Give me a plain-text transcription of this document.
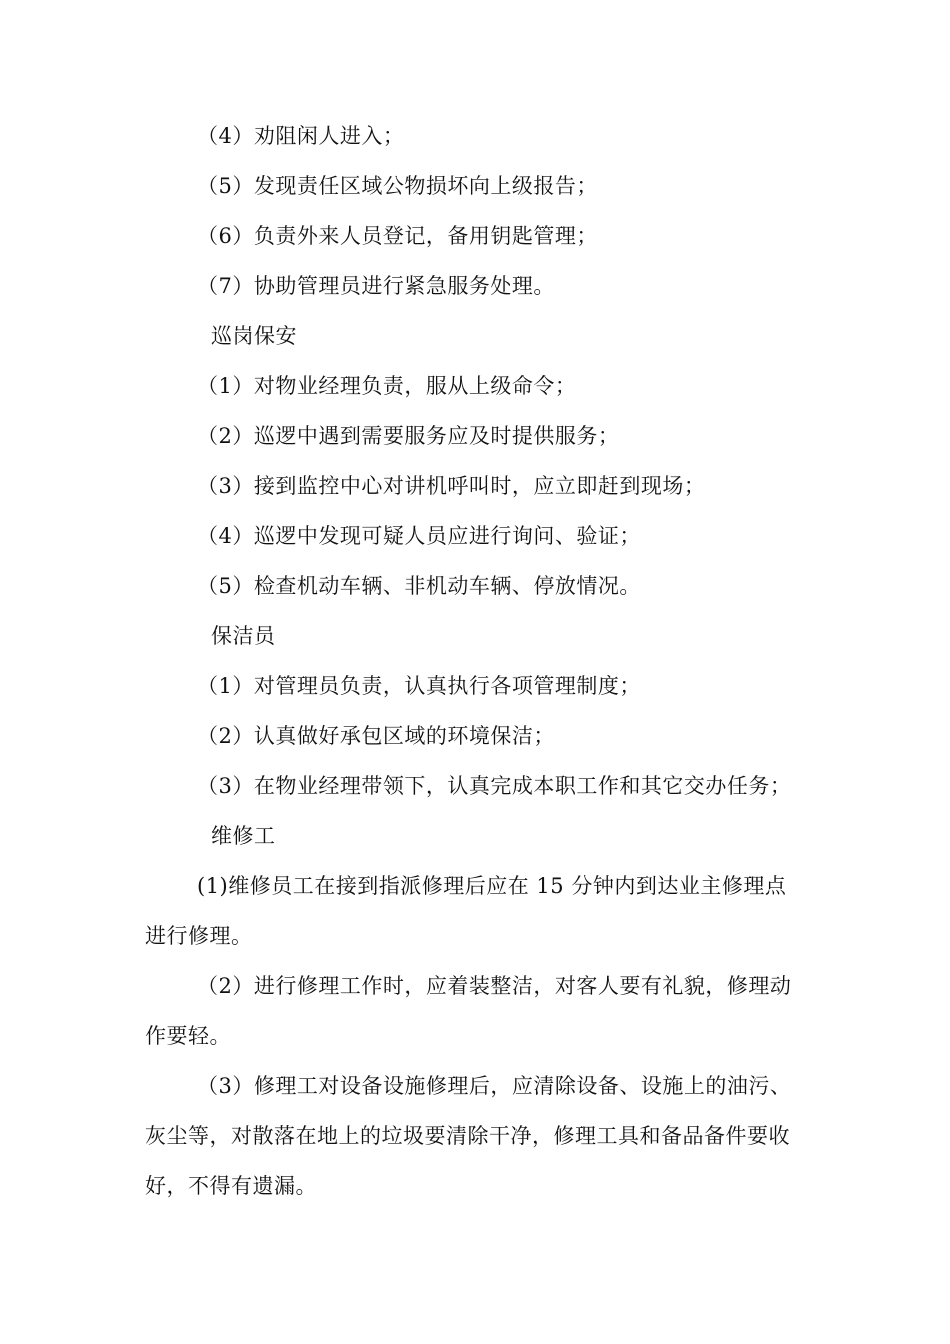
（4）劝阻闲人进入；
（5）发现责任区域公物损坏向上级报告；
（6）负责外来人员登记，备用钥匙管理；
（7）协助管理员进行紧急服务处理。
巡岗保安
（1）对物业经理负责，服从上级命令；
（2）巡逻中遇到需要服务应及时提供服务；
（3）接到监控中心对讲机呼叫时，应立即赶到现场；
（4）巡逻中发现可疑人员应进行询问、验证；
（5）检查机动车辆、非机动车辆、停放情况。
保洁员
（1）对管理员负责，认真执行各项管理制度；
（2）认真做好承包区域的环境保洁；
（3）在物业经理带领下，认真完成本职工作和其它交办任务；
维修工
(1)维修员工在接到指派修理后应在 15 分钟内到达业主修理点
进行修理。
（2）进行修理工作时，应着装整洁，对客人要有礼貌，修理动
作要轻。
（3）修理工对设备设施修理后，应清除设备、设施上的油污、
灰尘等，对散落在地上的垃圾要清除干净，修理工具和备品备件要收
好，不得有遗漏。
